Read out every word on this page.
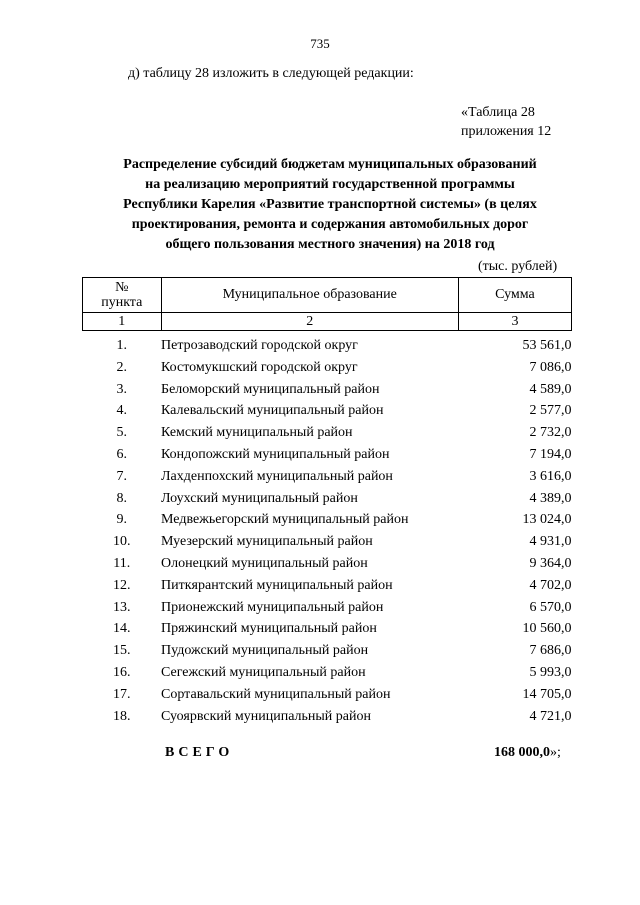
735
д) таблицу 28 изложить в следующей редакции:
«Таблица 28
приложения 12
Распределение субсидий бюджетам муниципальных образований
на реализацию мероприятий государственной программы
Республики Карелия «Развитие транспортной системы» (в целях
проектирования, ремонта и содержания автомобильных дорог
общего пользования местного значения) на 2018 год
(тыс. рублей)
№
пункта	Муниципальное образование	Сумма
1	2	3
1.	Петрозаводский городской округ	53 561,0
2.	Костомукшский городской округ	7 086,0
3.	Беломорский муниципальный район	4 589,0
4.	Калевальский муниципальный район	2 577,0
5.	Кемский муниципальный район	2 732,0
6.	Кондопожский муниципальный район	7 194,0
7.	Лахденпохский муниципальный район	3 616,0
8.	Лоухский муниципальный район	4 389,0
9.	Медвежьегорский муниципальный район	13 024,0
10.	Муезерский муниципальный район	4 931,0
11.	Олонецкий муниципальный район	9 364,0
12.	Питкярантский муниципальный район	4 702,0
13.	Прионежский муниципальный район	6 570,0
14.	Пряжинский муниципальный район	10 560,0
15.	Пудожский муниципальный район	7 686,0
16.	Сегежский муниципальный район	5 993,0
17.	Сортавальский муниципальный район	14 705,0
18.	Суоярвский муниципальный район	4 721,0
ВСЕГО	168 000,0»;
